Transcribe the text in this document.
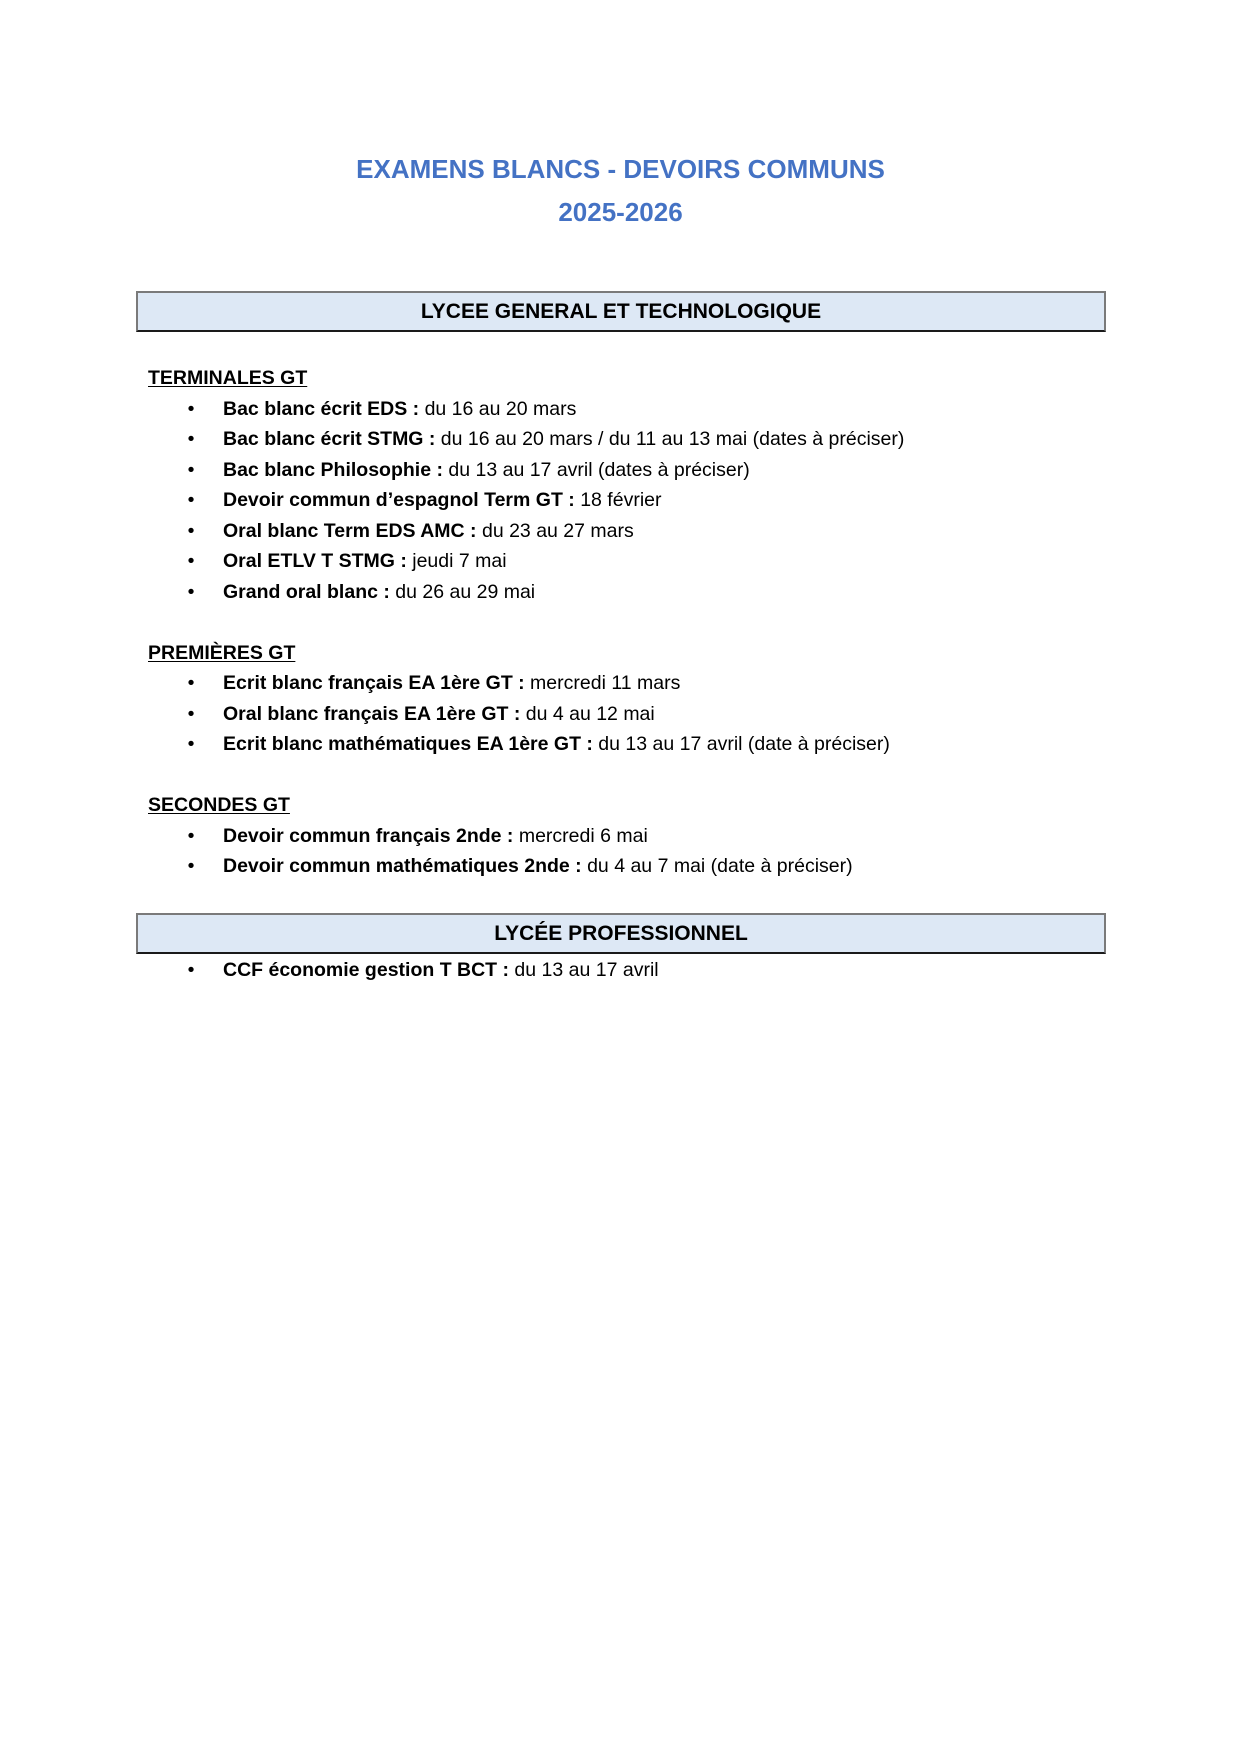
EXAMENS BLANCS - DEVOIRS COMMUNS
2025-2026
LYCEE GENERAL ET TECHNOLOGIQUE
TERMINALES GT
• Bac blanc écrit EDS : du 16 au 20 mars
• Bac blanc écrit STMG : du 16 au 20 mars / du 11 au 13 mai (dates à préciser)
• Bac blanc Philosophie : du 13 au 17 avril (dates à préciser)
• Devoir commun d’espagnol Term GT : 18 février
• Oral blanc Term EDS AMC : du 23 au 27 mars
• Oral ETLV T STMG : jeudi 7 mai
• Grand oral blanc : du 26 au 29 mai
PREMIÈRES GT
• Ecrit blanc français EA 1ère GT : mercredi 11 mars
• Oral blanc français EA 1ère GT : du 4 au 12 mai
• Ecrit blanc mathématiques EA 1ère GT : du 13 au 17 avril (date à préciser)
SECONDES GT
• Devoir commun français 2nde : mercredi 6 mai
• Devoir commun mathématiques 2nde : du 4 au 7 mai (date à préciser)
LYCÉE PROFESSIONNEL
• CCF économie gestion T BCT : du 13 au 17 avril
